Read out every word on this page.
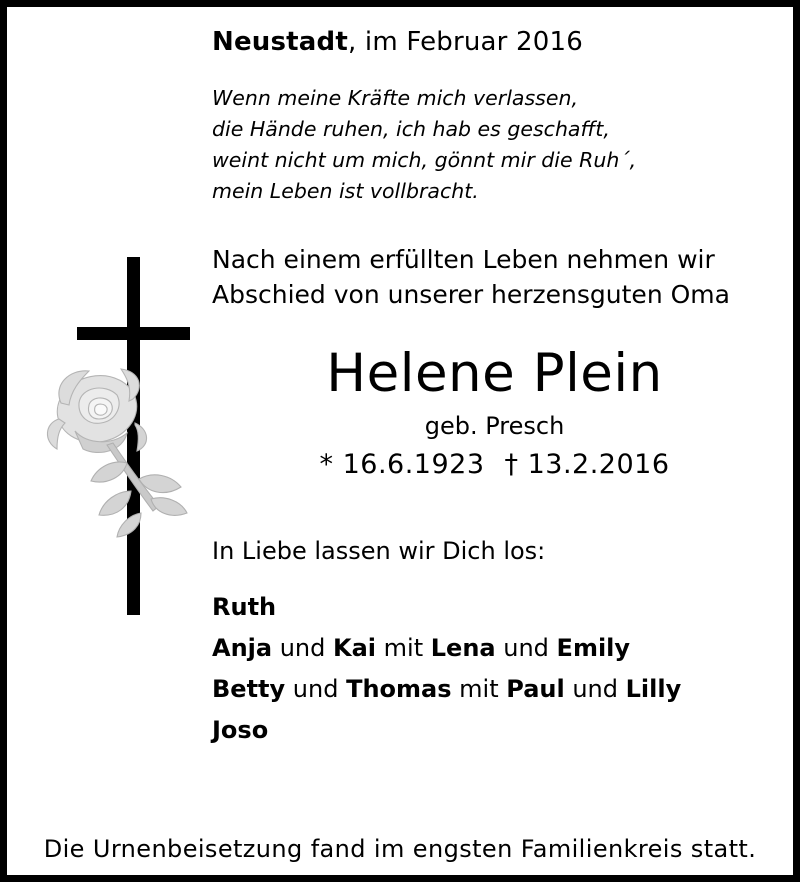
Neustadt, im Februar 2016
Wenn meine Kräfte mich verlassen,
die Hände ruhen, ich hab es geschafft,
weint nicht um mich, gönnt mir die Ruh´,
mein Leben ist vollbracht.
Nach einem erfüllten Leben nehmen wir
Abschied von unserer herzensguten Oma
Helene Plein
geb. Presch
* 16.6.1923 † 13.2.2016
In Liebe lassen wir Dich los:
Ruth
Anja und Kai mit Lena und Emily
Betty und Thomas mit Paul und Lilly
Joso
Die Urnenbeisetzung fand im engsten Familienkreis statt.
